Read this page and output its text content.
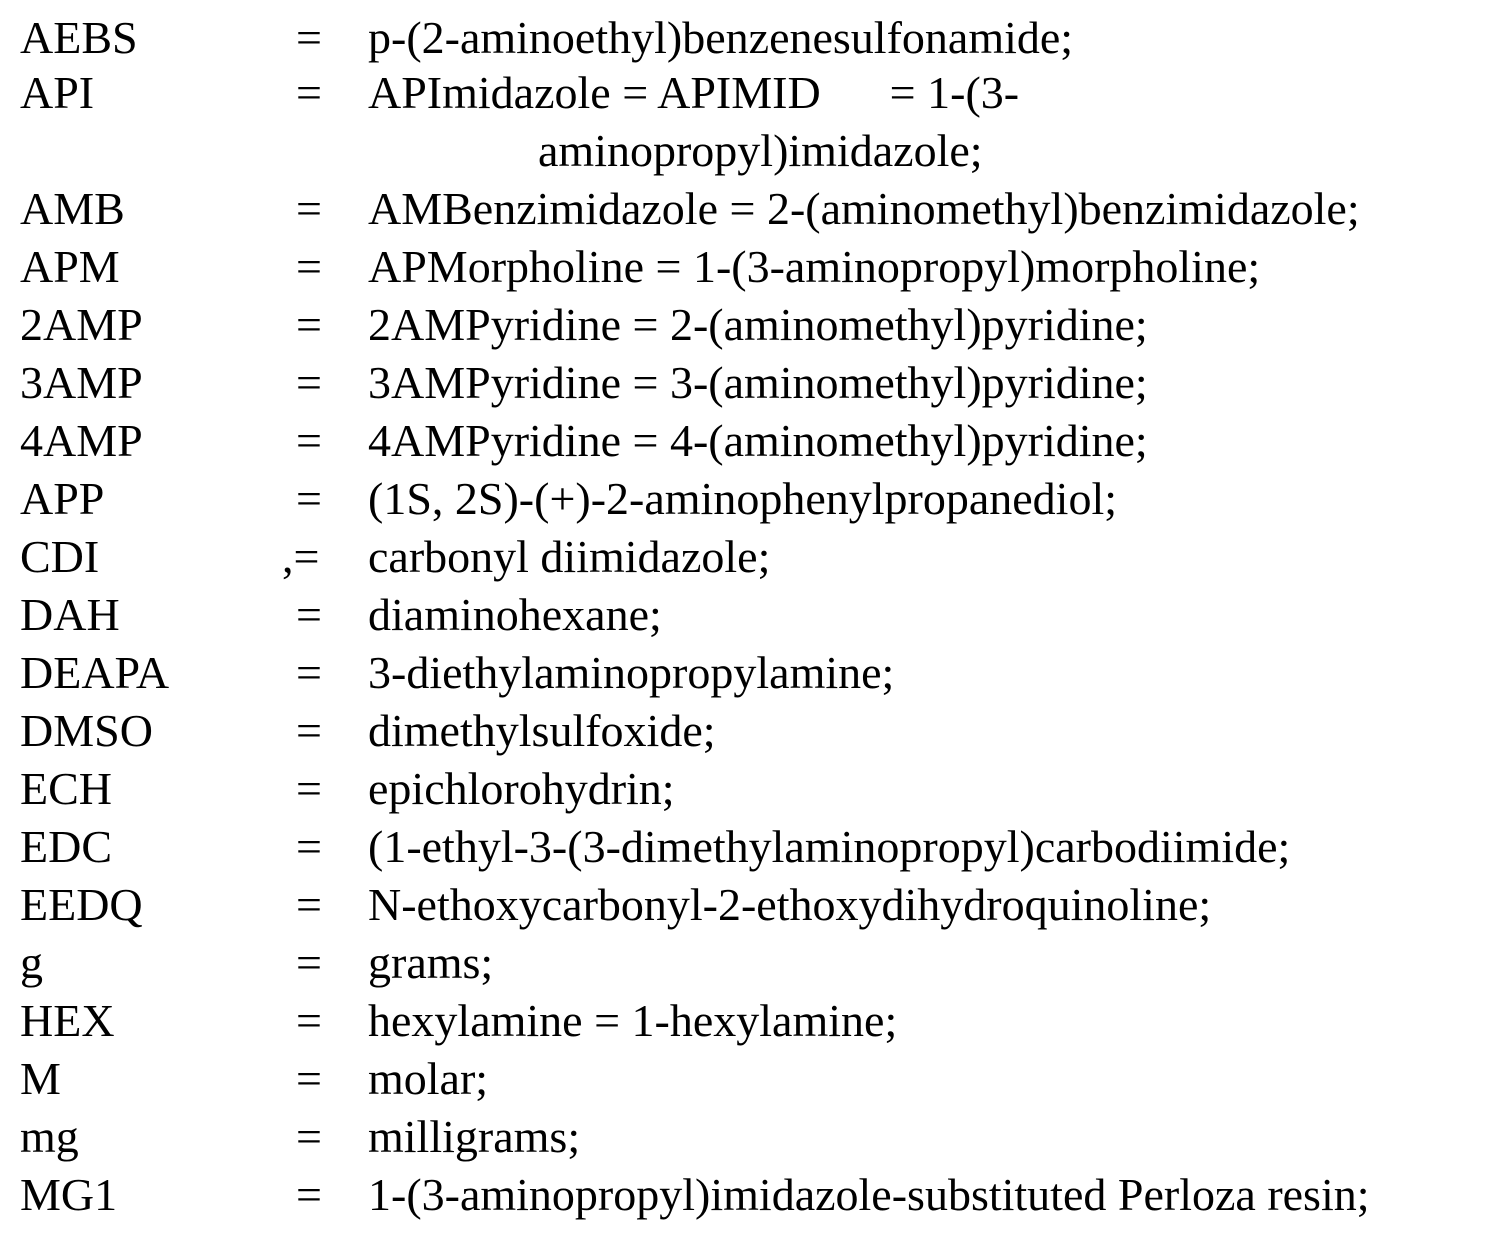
AEBS	= p-(2-aminoethyl)benzenesulfonamide;
API	= APImidazole = APIMID      = 1-(3-
aminopropyl)imidazole;
AMB	= AMBenzimidazole = 2-(aminomethyl)benzimidazole;
APM	= APMorpholine = 1-(3-aminopropyl)morpholine;
2AMP	= 2AMPyridine = 2-(aminomethyl)pyridine;
3AMP	= 3AMPyridine = 3-(aminomethyl)pyridine;
4AMP	= 4AMPyridine = 4-(aminomethyl)pyridine;
APP	= (1S, 2S)-(+)-2-aminophenylpropanediol;
CDI	,= carbonyl diimidazole;
DAH	= diaminohexane;
DEAPA	= 3-diethylaminopropylamine;
DMSO	= dimethylsulfoxide;
ECH	= epichlorohydrin;
EDC	= (1-ethyl-3-(3-dimethylaminopropyl)carbodiimide;
EEDQ	= N-ethoxycarbonyl-2-ethoxydihydroquinoline;
g	= grams;
HEX	= hexylamine = 1-hexylamine;
M	= molar;
mg	= milligrams;
MG1	= 1-(3-aminopropyl)imidazole-substituted Perloza resin;
